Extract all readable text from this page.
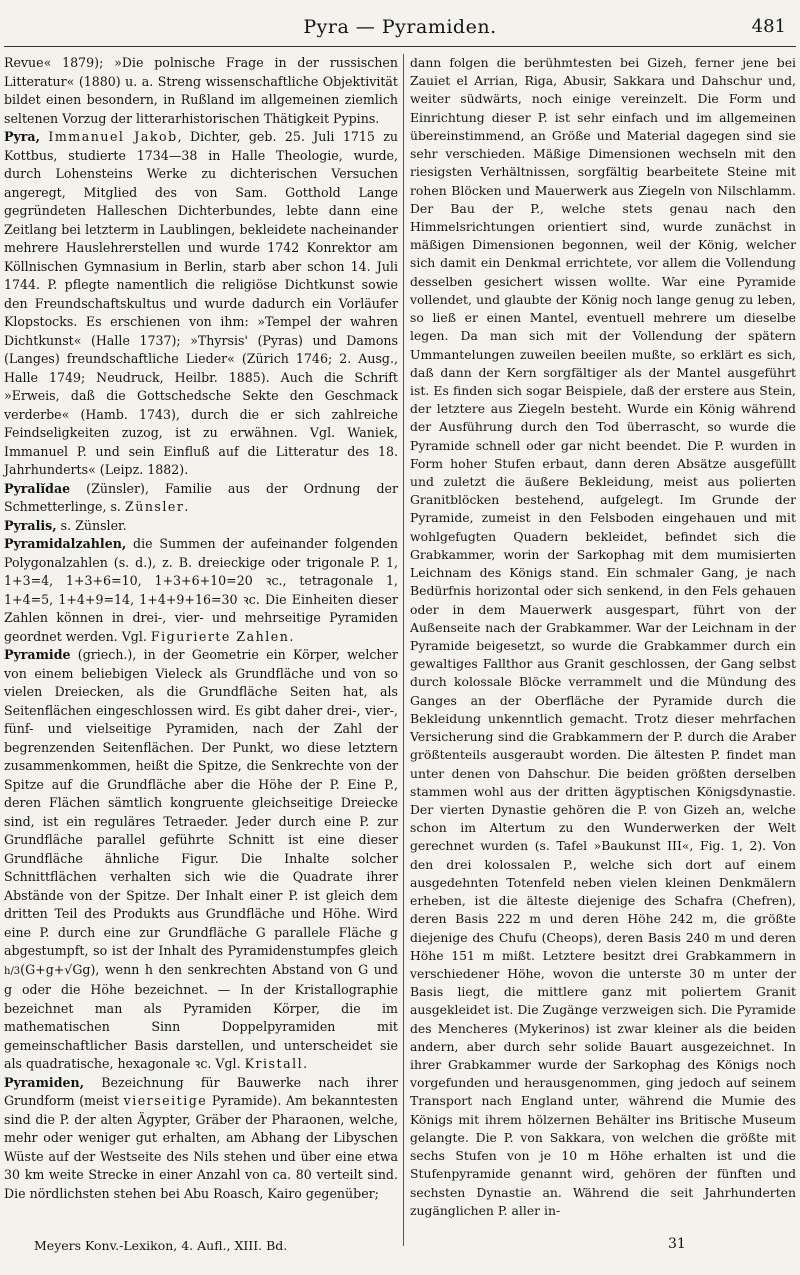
Pyra — Pyramiden.	481

Revue« 1879); »Die polnische Frage in der russischen Litteratur« (1880) u. a. Streng wissenschaftliche Objektivität bildet einen besondern, in Rußland im allgemeinen ziemlich seltenen Vorzug der litterarhistorischen Thätigkeit Pypins.

Pyra, Immanuel Jakob, Dichter, geb. 25. Juli 1715 zu Kottbus, studierte 1734—38 in Halle Theologie, wurde, durch Lohensteins Werke zu dichterischen Versuchen angeregt, Mitglied des von Sam. Gotthold Lange gegründeten Halleschen Dichterbundes, lebte dann eine Zeitlang bei letzterm in Laublingen, bekleidete nacheinander mehrere Hauslehrerstellen und wurde 1742 Konrektor am Köllnischen Gymnasium in Berlin, starb aber schon 14. Juli 1744. P. pflegte namentlich die religiöse Dichtkunst sowie den Freundschaftskultus und wurde dadurch ein Vorläufer Klopstocks. Es erschienen von ihm: »Tempel der wahren Dichtkunst« (Halle 1737); »Thyrsis' (Pyras) und Damons (Langes) freundschaftliche Lieder« (Zürich 1746; 2. Ausg., Halle 1749; Neudruck, Heilbr. 1885). Auch die Schrift »Erweis, daß die Gottschedsche Sekte den Geschmack verderbe« (Hamb. 1743), durch die er sich zahlreiche Feindseligkeiten zuzog, ist zu erwähnen. Vgl. Waniek, Immanuel P. und sein Einfluß auf die Litteratur des 18. Jahrhunderts« (Leipz. 1882).

Pyralĭdae (Zünsler), Familie aus der Ordnung der Schmetterlinge, s. Zünsler.

Pyralis, s. Zünsler.

Pyramidalzahlen, die Summen der aufeinander folgenden Polygonalzahlen (s. d.), z. B. dreieckige oder trigonale P. 1, 1+3=4, 1+3+6=10, 1+3+6+10=20 ꝛc., tetragonale 1, 1+4=5, 1+4+9=14, 1+4+9+16=30 ꝛc. Die Einheiten dieser Zahlen können in drei-, vier- und mehrseitige Pyramiden geordnet werden. Vgl. Figurierte Zahlen.

Pyramide (griech.), in der Geometrie ein Körper, welcher von einem beliebigen Vieleck als Grundfläche und von so vielen Dreiecken, als die Grundfläche Seiten hat, als Seitenflächen eingeschlossen wird. Es gibt daher drei-, vier-, fünf- und vielseitige Pyramiden, nach der Zahl der begrenzenden Seitenflächen. Der Punkt, wo diese letztern zusammenkommen, heißt die Spitze, die Senkrechte von der Spitze auf die Grundfläche aber die Höhe der P. Eine P., deren Flächen sämtlich kongruente gleichseitige Dreiecke sind, ist ein reguläres Tetraeder. Jeder durch eine P. zur Grundfläche parallel geführte Schnitt ist eine dieser Grundfläche ähnliche Figur. Die Inhalte solcher Schnittflächen verhalten sich wie die Quadrate ihrer Abstände von der Spitze. Der Inhalt einer P. ist gleich dem dritten Teil des Produkts aus Grundfläche und Höhe. Wird eine P. durch eine zur Grundfläche G parallele Fläche g abgestumpft, so ist der Inhalt des Pyramidenstumpfes gleich h/3(G+g+√Gg), wenn h den senkrechten Abstand von G und g oder die Höhe bezeichnet. — In der Kristallographie bezeichnet man als Pyramiden Körper, die im mathematischen Sinn Doppelpyramiden mit gemeinschaftlicher Basis darstellen, und unterscheidet sie als quadratische, hexagonale ꝛc. Vgl. Kristall.

Pyramiden, Bezeichnung für Bauwerke nach ihrer Grundform (meist vierseitige Pyramide). Am bekanntesten sind die P. der alten Ägypter, Gräber der Pharaonen, welche, mehr oder weniger gut erhalten, am Abhang der Libyschen Wüste auf der Westseite des Nils stehen und über eine etwa 30 km weite Strecke in einer Anzahl von ca. 80 verteilt sind. Die nördlichsten stehen bei Abu Roasch, Kairo gegenüber;

dann folgen die berühmtesten bei Gizeh, ferner jene bei Zauiet el Arrian, Riga, Abusir, Sakkara und Dahschur und, weiter südwärts, noch einige vereinzelt. Die Form und Einrichtung dieser P. ist sehr einfach und im allgemeinen übereinstimmend, an Größe und Material dagegen sind sie sehr verschieden. Mäßige Dimensionen wechseln mit den riesigsten Verhältnissen, sorgfältig bearbeitete Steine mit rohen Blöcken und Mauerwerk aus Ziegeln von Nilschlamm. Der Bau der P., welche stets genau nach den Himmelsrichtungen orientiert sind, wurde zunächst in mäßigen Dimensionen begonnen, weil der König, welcher sich damit ein Denkmal errichtete, vor allem die Vollendung desselben gesichert wissen wollte. War eine Pyramide vollendet, und glaubte der König noch lange genug zu leben, so ließ er einen Mantel, eventuell mehrere um dieselbe legen. Da man sich mit der Vollendung der spätern Ummantelungen zuweilen beeilen mußte, so erklärt es sich, daß dann der Kern sorgfältiger als der Mantel ausgeführt ist. Es finden sich sogar Beispiele, daß der erstere aus Stein, der letztere aus Ziegeln besteht. Wurde ein König während der Ausführung durch den Tod überrascht, so wurde die Pyramide schnell oder gar nicht beendet. Die P. wurden in Form hoher Stufen erbaut, dann deren Absätze ausgefüllt und zuletzt die äußere Bekleidung, meist aus polierten Granitblöcken bestehend, aufgelegt. Im Grunde der Pyramide, zumeist in den Felsboden eingehauen und mit wohlgefugten Quadern bekleidet, befindet sich die Grabkammer, worin der Sarkophag mit dem mumisierten Leichnam des Königs stand. Ein schmaler Gang, je nach Bedürfnis horizontal oder sich senkend, in den Fels gehauen oder in dem Mauerwerk ausgespart, führt von der Außenseite nach der Grabkammer. War der Leichnam in der Pyramide beigesetzt, so wurde die Grabkammer durch ein gewaltiges Fallthor aus Granit geschlossen, der Gang selbst durch kolossale Blöcke verrammelt und die Mündung des Ganges an der Oberfläche der Pyramide durch die Bekleidung unkenntlich gemacht. Trotz dieser mehrfachen Versicherung sind die Grabkammern der P. durch die Araber größtenteils ausgeraubt worden. Die ältesten P. findet man unter denen von Dahschur. Die beiden größten derselben stammen wohl aus der dritten ägyptischen Königsdynastie. Der vierten Dynastie gehören die P. von Gizeh an, welche schon im Altertum zu den Wunderwerken der Welt gerechnet wurden (s. Tafel »Baukunst III«, Fig. 1, 2). Von den drei kolossalen P., welche sich dort auf einem ausgedehnten Totenfeld neben vielen kleinen Denkmälern erheben, ist die älteste diejenige des Schafra (Chefren), deren Basis 222 m und deren Höhe 242 m, die größte diejenige des Chufu (Cheops), deren Basis 240 m und deren Höhe 151 m mißt. Letztere besitzt drei Grabkammern in verschiedener Höhe, wovon die unterste 30 m unter der Basis liegt, die mittlere ganz mit poliertem Granit ausgekleidet ist. Die Zugänge verzweigen sich. Die Pyramide des Mencheres (Mykerinos) ist zwar kleiner als die beiden andern, aber durch sehr solide Bauart ausgezeichnet. In ihrer Grabkammer wurde der Sarkophag des Königs noch vorgefunden und herausgenommen, ging jedoch auf seinem Transport nach England unter, während die Mumie des Königs mit ihrem hölzernen Behälter ins Britische Museum gelangte. Die P. von Sakkara, von welchen die größte mit sechs Stufen von je 10 m Höhe erhalten ist und die Stufenpyramide genannt wird, gehören der fünften und sechsten Dynastie an. Während die seit Jahrhunderten zugänglichen P. aller in-

Meyers Konv.-Lexikon, 4. Aufl., XIII. Bd.	31
